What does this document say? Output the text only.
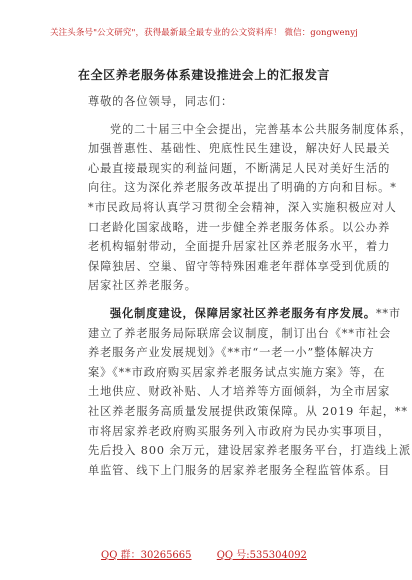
关注头条号"公文研究"，获得最新最全最专业的公文资料库！ 微信：gongwenyj
在全区养老服务体系建设推进会上的汇报发言
尊敬的各位领导，同志们：
党的二十届三中全会提出，完善基本公共服务制度体系，
加强普惠性、基础性、兜底性民生建设，解决好人民最关
心最直接最现实的利益问题，不断满足人民对美好生活的
向往。这为深化养老服务改革提出了明确的方向和目标。*
*市民政局将认真学习贯彻全会精神，深入实施积极应对人
口老龄化国家战略，进一步健全养老服务体系。以公办养
老机构辐射带动，全面提升居家社区养老服务水平，着力
保障独居、空巢、留守等特殊困难老年群体享受到优质的
居家社区养老服务。
强化制度建设，保障居家社区养老服务有序发展。**市
建立了养老服务局际联席会议制度，制订出台《**市社会
养老服务产业发展规划》《**市“一老一小”整体解决方
案》《**市政府购买居家养老服务试点实施方案》等，在
土地供应、财政补贴、人才培养等方面倾斜，为全市居家
社区养老服务高质量发展提供政策保障。从 2019 年起，**
市将居家养老政府购买服务列入市政府为民办实事项目，
先后投入 800 余万元，建设居家养老服务平台，打造线上派
单监管、线下上门服务的居家养老服务全程监管体系。目
QQ 群：30265665	QQ 号:535304092
